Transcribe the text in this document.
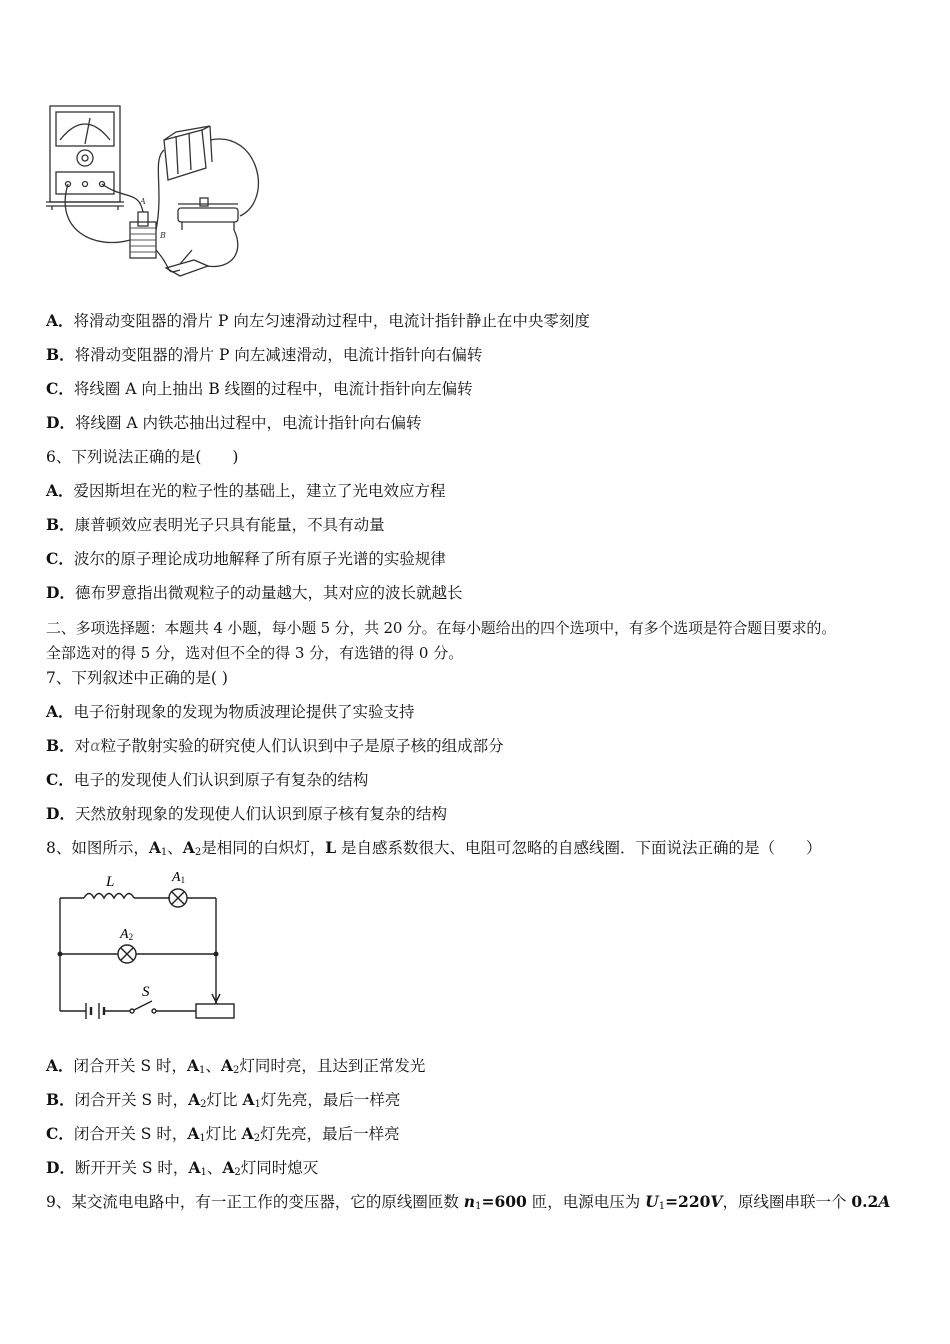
A
B
A．将滑动变阻器的滑片 P 向左匀速滑动过程中，电流计指针静止在中央零刻度
B．将滑动变阻器的滑片 P 向左减速滑动，电流计指针向右偏转
C．将线圈 A 向上抽出 B 线圈的过程中，电流计指针向左偏转
D．将线圈 A 内铁芯抽出过程中，电流计指针向右偏转
6、下列说法正确的是(　　)
A．爱因斯坦在光的粒子性的基础上，建立了光电效应方程
B．康普顿效应表明光子只具有能量，不具有动量
C．波尔的原子理论成功地解释了所有原子光谱的实验规律
D．德布罗意指出微观粒子的动量越大，其对应的波长就越长
二、多项选择题：本题共 4 小题，每小题 5 分，共 20 分。在每小题给出的四个选项中，有多个选项是符合题目要求的。
全部选对的得 5 分，选对但不全的得 3 分，有选错的得 0 分。
7、下列叙述中正确的是( )
A．电子衍射现象的发现为物质波理论提供了实验支持
B．对α粒子散射实验的研究使人们认识到中子是原子核的组成部分
C．电子的发现使人们认识到原子有复杂的结构
D．天然放射现象的发现使人们认识到原子核有复杂的结构
8、如图所示，$A_1$、$A_2$是相同的白炽灯，L 是自感系数很大、电阻可忽略的自感线圈．下面说法正确的是（　　）
L	A1
A2
S
A．闭合开关 S 时，$A_1$、$A_2$灯同时亮，且达到正常发光
B．闭合开关 S 时，$A_2$灯比 $A_1$灯先亮，最后一样亮
C．闭合开关 S 时，$A_1$灯比 $A_2$灯先亮，最后一样亮
D．断开开关 S 时，$A_1$、$A_2$灯同时熄灭
9、某交流电电路中，有一正工作的变压器，它的原线圈匝数 $n_1=600$ 匝，电源电压为 $U_1=220V$，原线圈串联一个 0.2A
